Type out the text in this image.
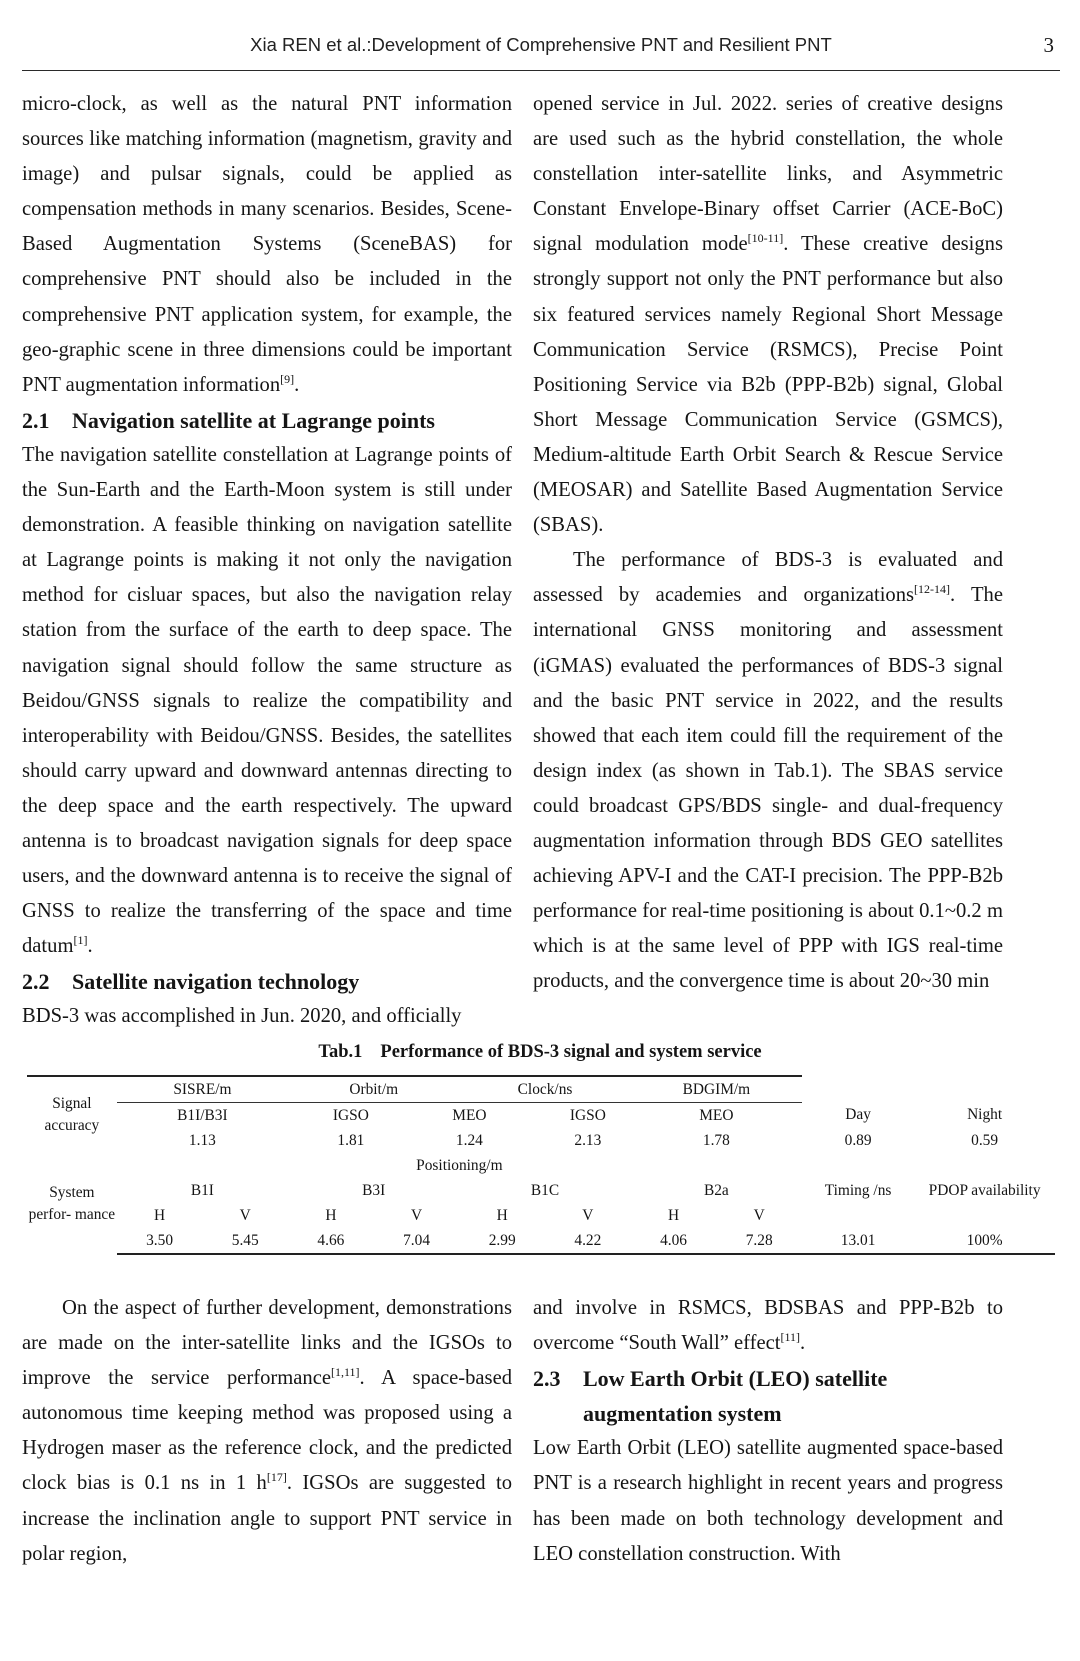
Xia REN et al.:Development of Comprehensive PNT and Resilient PNT	3

micro-clock, as well as the natural PNT information sources like matching information (magnetism, gravity and image) and pulsar signals, could be applied as compensation methods in many scenarios. Besides, Scene-Based Augmentation Systems (SceneBAS) for comprehensive PNT should also be included in the comprehensive PNT application system, for example, the geo-graphic scene in three dimensions could be important PNT augmentation information[9].

2.1 Navigation satellite at Lagrange points

The navigation satellite constellation at Lagrange points of the Sun-Earth and the Earth-Moon system is still under demonstration. A feasible thinking on navigation satellite at Lagrange points is making it not only the navigation method for cisluar spaces, but also the navigation relay station from the surface of the earth to deep space. The navigation signal should follow the same structure as Beidou/GNSS signals to realize the compatibility and interoperability with Beidou/GNSS. Besides, the satellites should carry upward and downward antennas directing to the deep space and the earth respectively. The upward antenna is to broadcast navigation signals for deep space users, and the downward antenna is to receive the signal of GNSS to realize the transferring of the space and time datum[1].

2.2 Satellite navigation technology

BDS-3 was accomplished in Jun. 2020, and officially

opened service in Jul. 2022. series of creative designs are used such as the hybrid constellation, the whole constellation inter-satellite links, and Asymmetric Constant Envelope-Binary offset Carrier (ACE-BoC) signal modulation mode[10-11]. These creative designs strongly support not only the PNT performance but also six featured services namely Regional Short Message Communication Service (RSMCS), Precise Point Positioning Service via B2b (PPP-B2b) signal, Global Short Message Communication Service (GSMCS), Medium-altitude Earth Orbit Search & Rescue Service (MEOSAR) and Satellite Based Augmentation Service (SBAS).

The performance of BDS-3 is evaluated and assessed by academies and organizations[12-14]. The international GNSS monitoring and assessment (iGMAS) evaluated the performances of BDS-3 signal and the basic PNT service in 2022, and the results showed that each item could fill the requirement of the design index (as shown in Tab.1). The SBAS service could broadcast GPS/BDS single- and dual-frequency augmentation information through BDS GEO satellites achieving APV-I and the CAT-I precision. The PPP-B2b performance for real-time positioning is about 0.1~0.2 m which is at the same level of PPP with IGS real-time products, and the convergence time is about 20~30 min

Tab.1 Performance of BDS-3 signal and system service
Signal accuracy	SISRE/m		Orbit/m		Clock/ns		BDGIM/m			
	B1I/B3I		IGSO	MEO		IGSO	MEO		Day	Night
	1.13		1.81	1.24		2.13	1.78		0.89	0.59
System perfor- mance	Positioning/m								Timing /ns	PDOP availability
	B1I		B3I		B1C		B2a			
	H	V	H	V	H	V	H	V		
	3.50	5.45	4.66	7.04	2.99	4.22	4.06	7.28	13.01	100%

On the aspect of further development, demonstrations are made on the inter-satellite links and the IGSOs to improve the service performance[1,11]. A space-based autonomous time keeping method was proposed using a Hydrogen maser as the reference clock, and the predicted clock bias is 0.1 ns in 1 h[17]. IGSOs are suggested to increase the inclination angle to support PNT service in polar region,

and involve in RSMCS, BDSBAS and PPP-B2b to overcome “South Wall” effect[11].

2.3	Low Earth Orbit (LEO) satellite augmentation system

Low Earth Orbit (LEO) satellite augmented space-based PNT is a research highlight in recent years and progress has been made on both technology development and LEO constellation construction. With
